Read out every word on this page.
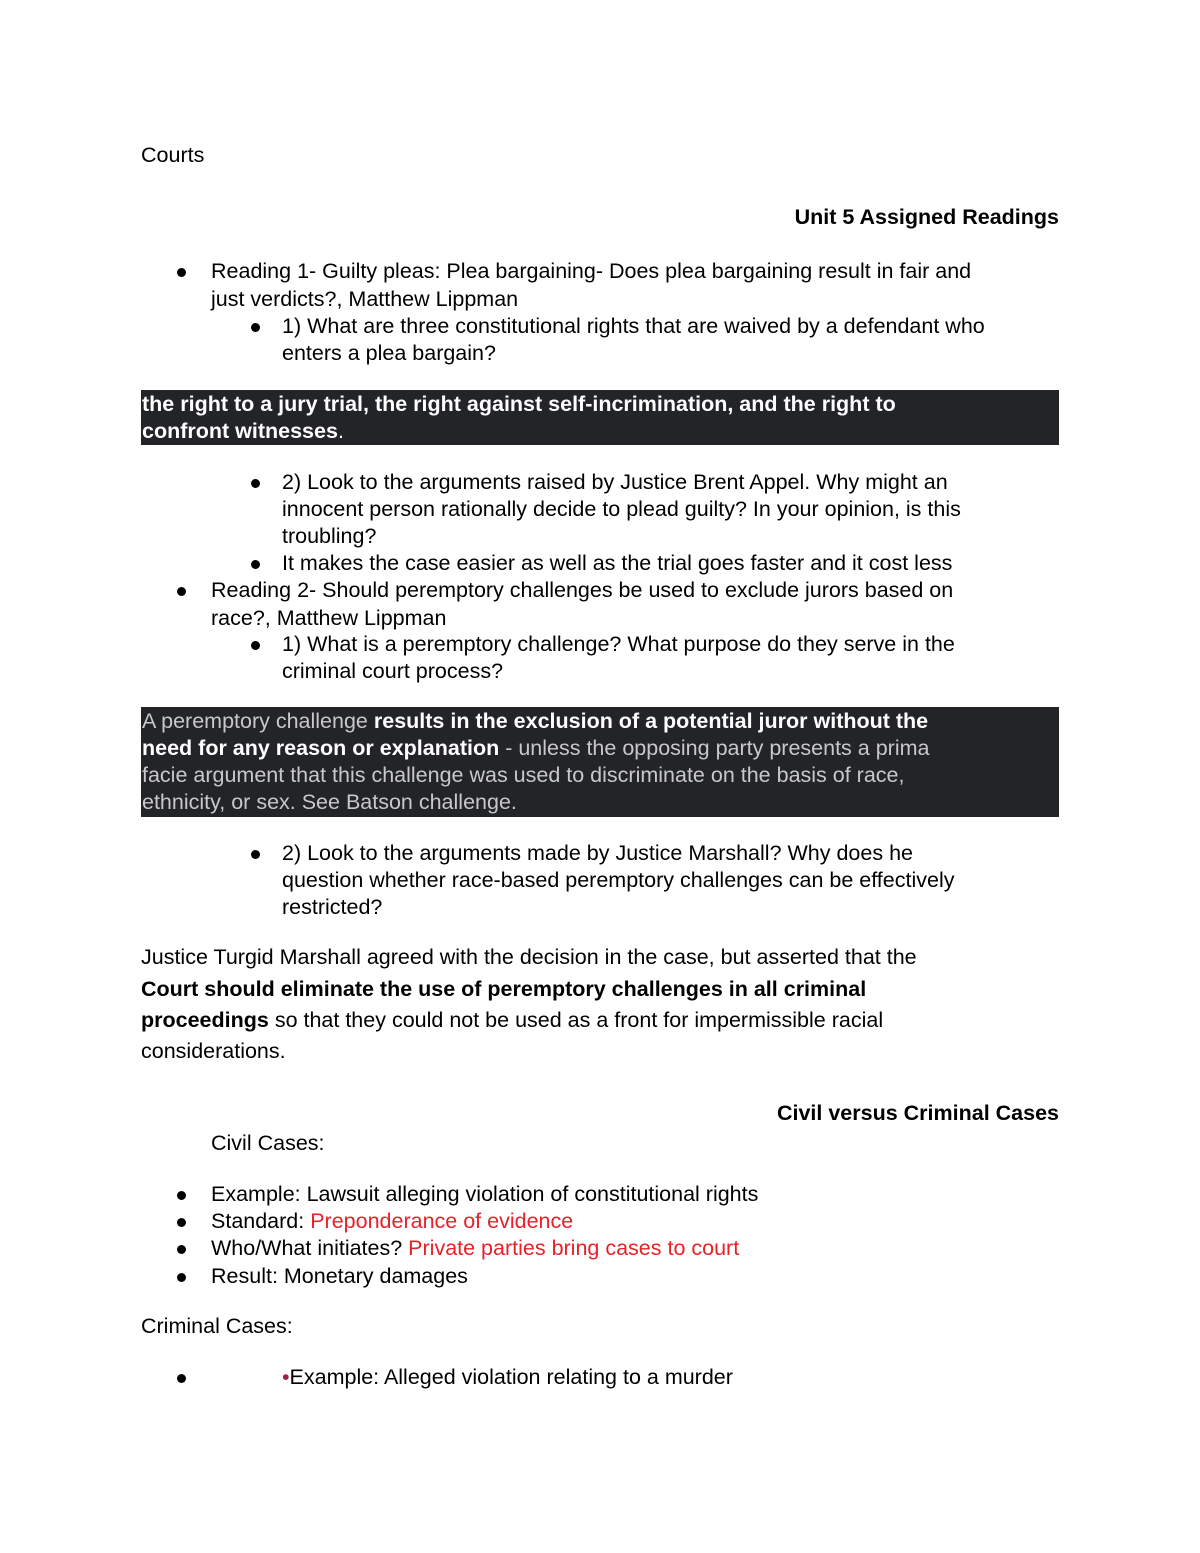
Courts
Unit 5 Assigned Readings
Reading 1- Guilty pleas: Plea bargaining- Does plea bargaining result in fair and
just verdicts?, Matthew Lippman
1) What are three constitutional rights that are waived by a defendant who
enters a plea bargain?
the right to a jury trial, the right against self-incrimination, and the right to
confront witnesses.
2) Look to the arguments raised by Justice Brent Appel. Why might an
innocent person rationally decide to plead guilty? In your opinion, is this
troubling?
It makes the case easier as well as the trial goes faster and it cost less
Reading 2- Should peremptory challenges be used to exclude jurors based on
race?, Matthew Lippman
1) What is a peremptory challenge? What purpose do they serve in the
criminal court process?
A peremptory challenge results in the exclusion of a potential juror without the
need for any reason or explanation - unless the opposing party presents a prima
facie argument that this challenge was used to discriminate on the basis of race,
ethnicity, or sex. See Batson challenge.
2) Look to the arguments made by Justice Marshall? Why does he
question whether race-based peremptory challenges can be effectively
restricted?
Justice Turgid Marshall agreed with the decision in the case, but asserted that the
Court should eliminate the use of peremptory challenges in all criminal
proceedings so that they could not be used as a front for impermissible racial
considerations.
Civil versus Criminal Cases
Civil Cases:
Example: Lawsuit alleging violation of constitutional rights
Standard: Preponderance of evidence
Who/What initiates? Private parties bring cases to court
Result: Monetary damages
Criminal Cases:
•Example: Alleged violation relating to a murder
